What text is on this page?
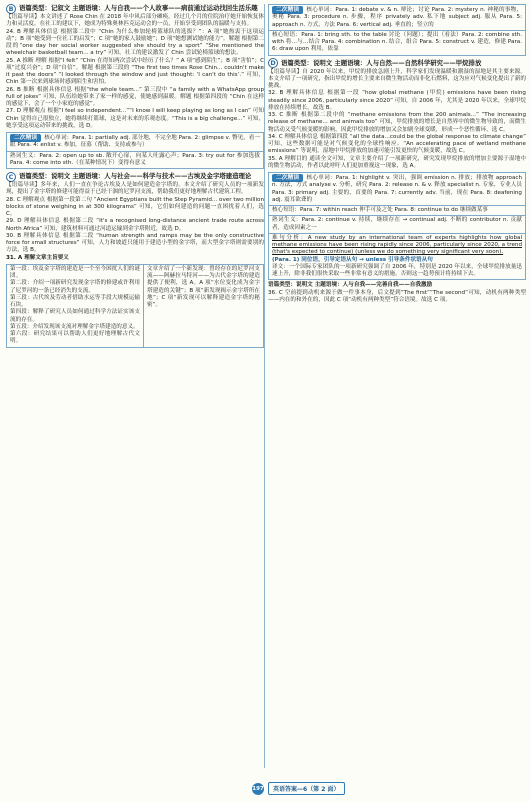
B 语篇类型：记叙文 主题语境：人与自我——个人故事——病前通过运动找回生活乐趣

【语篇导读】本文讲述了 Rose Chin 在 2018 年中风后部分瘫痪，经过几个月的住院治疗她开始恢复体力和灵活度。在社工的建议下，她成为特殊奥林匹克运动会的一员，开始享受到团队的温暖与支持。

24. B 理解具体信息 根据第二段中 “Chin 为什么参加轮椅篮球队的选拔？”：A 项“她热衷于这项运动”；B 项“她受到一位社工的启发”；C 项“她的家人鼓励她”；D 项“她想测试她的能力”。解题 根据第二段的“one day her social worker suggested she should try a sport” “She mentioned the wheelchair basketball team... a try” 可知，社工的建议激发了 Chin 尝试轮椅篮球的想法。

25. A 推断 理解 根据“I felt” “Chin 在得知两次尝试中经历了什么？” A 项“感到陌生”；B 项“害怕”；C 项“过度兴奋”；D 项“自信”。解题 根据第三段的 “The first two times Rose Chin... couldn't make it past the doors” “I looked through the window and just thought: ‘I can't do this’.” 可知，Chin 第一次来到球场时感到陌生和害怕。

26. B 推断 根据具体信息 根据“the whole team...” 第三段中 “a family with a WhatsApp group full of jokes” 可知，队伍给她带来了家一样的感觉，使她感到温暖。解题 根据第四段的 “Chin 在这样的感觉下，会了一个小家庭的感觉”。

27. D 理解观点 根据“I feel so independent...”“I know I will keep playing as long as I can” 可知 Chin 觉得自己很独立，她将继续打篮球，这是对未来的乐观态度。“This is a big challenge...” 可知，她享受这项运动带来的挑战，选 D。

二次精读 核心单词：Para. 1: partially adj. 部分地，不完全地 Para. 2: glimpse v. 瞥见，看一眼 Para. 4: enlist v. 参加，征募（帮助、支持或参与）
熟词生义：Para. 2: open up to sb. 敞开心扉，向某人吐露心声；Para. 3: try out for 参加选拔 Para. 4: come into sth.（在某种情况下）变得有意义
C 语篇类型：说明文 主题语境：人与社会——科学与技术——古埃及金字塔建造理论

【语篇导读】多年来，人们一直在争论古埃及人是如何建造金字塔的。本文介绍了研究人员的一项新发现，提出了金字塔的修建可能得益于已经干涸的尼罗河支流，帮助我们更好地理解古代建筑工程。

28. C 理解观点 根据第一段第二句 “Ancient Egyptians built the Step Pyramid... over two million blocks of stone weighing in at 300 kilograms” 可知，它们如何建造的问题一直困扰着人们，选 C。

29. D 理解具体信息 根据第二段 “It's a recognised long-distance ancient trade route across North Africa” 可知，建筑材料可通过河道运输到金字塔附近，故选 D。

30. B 理解具体信息 根据第二段 “human strength and ramps may be the only constructive force for small structures” 可知，人力和坡道只能用于建造小型的金字塔，而大型金字塔则需要别的方法，选 B。

31. A 理解文章主旨要义

第一段：埃及金字塔的建造是一个至今困扰人们的谜团。

第二段：介绍一项新研究发现金字塔的修建或许利用了尼罗河的一条已经消失的支流。

第三段：古代埃及劳动者借助水运等手段大规模运输石块。

第四段：解释了研究人员如何通过科学方法证实该支流的存在。

第五段：介绍发现该支流对理解金字塔建造的意义。

第六段：研究结果可以帮助人们更好地理解古代文明。

文章介绍了一个新发现：曾经存在的尼罗河支流——阿赫拉马特河——为古代金字塔的建造提供了便利，选 A。A 项“水位变化成为金字塔建造的关键”；B 项“新发现揭示金字塔所在地”；C 项“新发现可以解释建造金字塔的秘密”。
二次精读 核心单词：Para. 1: debate v. & n. 辩论；讨论 Para. 2: mystery n. 神秘的事物，奥秘 Para. 3: procedure n. 步骤，程序 privately adv. 私下地 subject adj. 服从 Para. 5: approach n. 方式，方法 Para. 6: vertical adj. 垂直的；竖立的
核心短语：Para. 1: bring sth. to the table 讨论（问题）；提出（看法）Para. 2: combine sth. with 将…与…结合 Para. 4: combination n. 结合，组合 Para. 5: construct v. 建造，修建 Para. 6: draw upon 利用，依靠
D 语篇类型：说明文 主题语境：人与自然——自然科学研究——甲烷排放

【语篇导读】自 2020 年以来，甲烷的排放急剧上升，科学家们发现温暖和潮湿的湿地是其主要来源。本文介绍了一项研究，指出甲烷的增长主要来自微生物活动而非化石燃料，这为应对气候变化提出了新的挑战。

32. B 理解具体信息 根据第一段 “how global methane (甲烷) emissions have been rising steadily since 2006, particularly since 2020” 可知，自 2006 年，尤其是 2020 年以来，全球甲烷排放在持续增长，故选 B。

33. C 推断 根据第二段中的 “methane emissions from the 200 animals...” “The increasing release of methane... and animals too” 可知，甲烷排放的增长是自然界中的微生物导致的，而微生物活动又受气候变暖的影响，因此甲烷排放的增加又会加剧全球变暖，形成一个恶性循环，选 C。

34. C 理解具体信息 根据第四段 “all the data...could be the global response to climate change” 可知，这些数据可能是对气候变化的全球性响应。“An accelerating pace of wetland methane emissions” 等说明，湿地中甲烷排放的加速可能引发更快的气候变暖，故选 C。

35. A 理解目的 通读全文可知，文章主要介绍了一项新研究，研究发现甲烷排放的增加主要源于湿地中的微生物活动，作者以此呼吁人们更加重视这一现象，选 A。

二次精读 核心单词：Para. 1: highlight v. 突出，强调 emission n. 排放；排放物 approach n. 方法，方式 analyse v. 分析，研究 Para. 2: release n. & v. 释放 specialist n. 专家，专业人员 Para. 3: primary adj. 主要的，首要的 Para. 7: currently adv. 当前，现在 Para. 8: deafening adj. 震耳欲聋的
核心短语：Para. 7: within reach 伸手可及之处 Para. 8: continue to do 继续做某事
熟词生义：Para. 2: continue v. 持续，继续存在 → continual adj. 不断的 contributor n. 贡献者，造成因素之一

难句分析：A new study by an international team of experts highlights how global methane emissions have been rising rapidly since 2006, particularly since 2020, a trend (that's expected to continue) (unless we do something very significant very soon).

(Para. 1) 同位语，引导定语从句 → unless 引导条件状语从句

译文：一个国际专家团队的一项新研究强调了自 2006 年，特别是 2020 年以来，全球甲烷排放量迅速上升，除非我们很快采取一些非常有意义的措施，否则这一趋势预计将持续下去。

语篇类型：说明文 主题语境：人与自我——完善自我——自我激励

36. C 空前提到动机来源于做一件事本身，后文提到“The first”“The second”可知，动机有两种类型——内在的和外在的，因此 C 项“动机有两种类型”符合语境。故选 C 项。

197	英语答案—6（第 2 面）
